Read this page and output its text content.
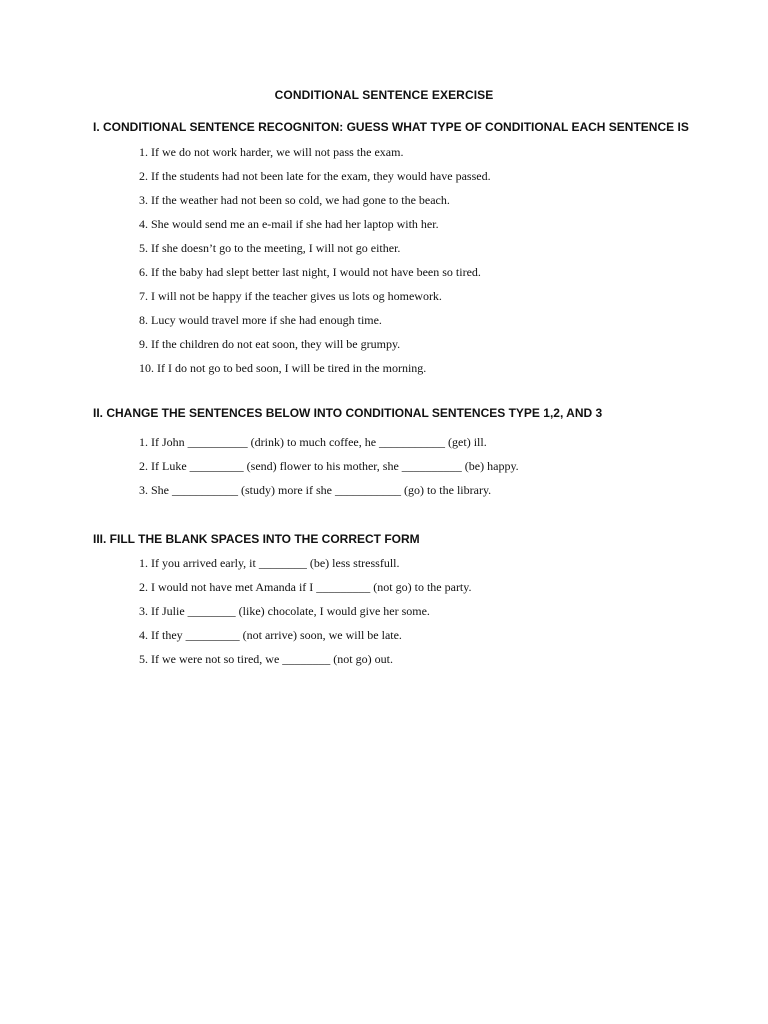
CONDITIONAL SENTENCE EXERCISE
I. CONDITIONAL SENTENCE RECOGNITON: GUESS WHAT TYPE OF CONDITIONAL EACH SENTENCE IS
1. If we do not work harder, we will not pass the exam.
2. If the students had not been late for the exam, they would have passed.
3. If the weather had not been so cold, we had gone to the beach.
4. She would send me an e-mail if she had her laptop with her.
5. If she doesn’t go to the meeting, I will not go either.
6. If the baby had slept better last night, I would not have been so tired.
7. I will not be happy if the teacher gives us lots og homework.
8. Lucy would travel more if she had enough time.
9. If the children do not eat soon, they will be grumpy.
10. If I do not go to bed soon, I will be tired in the morning.
II. CHANGE THE SENTENCES BELOW INTO CONDITIONAL SENTENCES TYPE 1,2, AND 3
1. If John __________ (drink) to much coffee, he ___________ (get) ill.
2. If Luke _________ (send) flower to his mother, she __________ (be) happy.
3. She ___________ (study) more if she ___________ (go) to the library.
III. FILL THE BLANK SPACES INTO THE CORRECT FORM
1. If you arrived early, it ________ (be) less stressfull.
2. I would not have met Amanda if I _________ (not go) to the party.
3. If Julie ________ (like) chocolate, I would give her some.
4. If they _________ (not arrive) soon, we will be late.
5. If we were not so tired, we ________ (not go) out.
